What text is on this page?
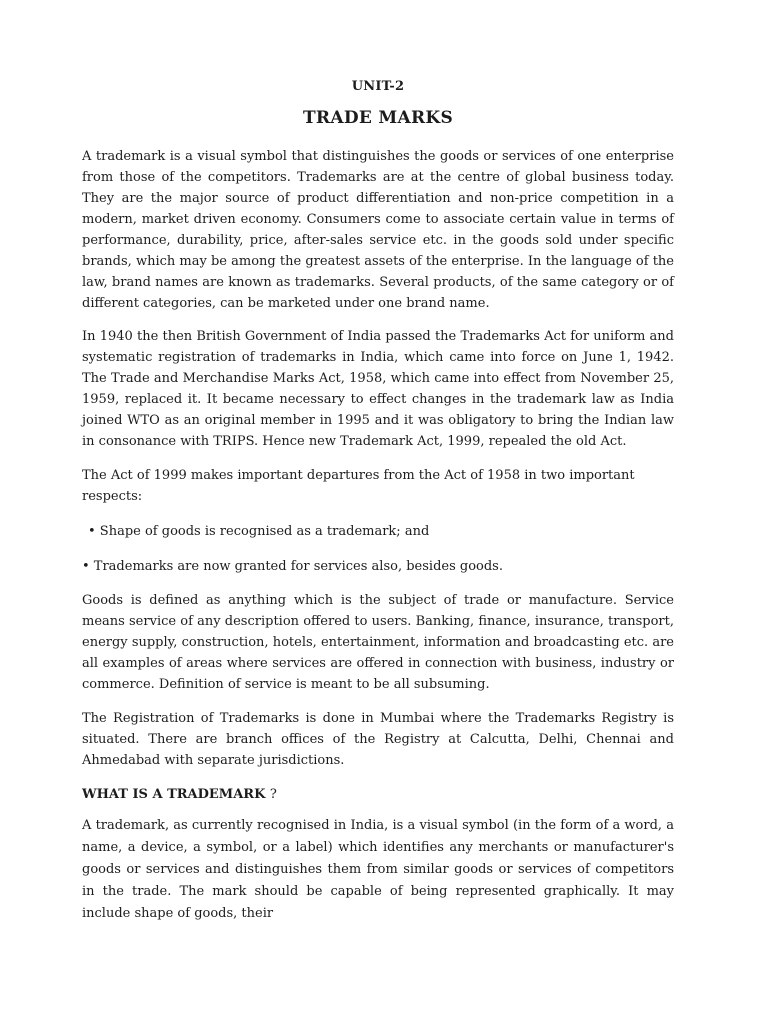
UNIT-2
TRADE MARKS

A trademark is a visual symbol that distinguishes the goods or services of one enterprise from those of the competitors. Trademarks are at the centre of global business today. They are the major source of product differentiation and non-price competition in a modern, market driven economy. Consumers come to associate certain value in terms of performance, durability, price, after-sales service etc. in the goods sold under specific brands, which may be among the greatest assets of the enterprise. In the language of the law, brand names are known as trademarks. Several products, of the same category or of different categories, can be marketed under one brand name.

In 1940 the then British Government of India passed the Trademarks Act for uniform and systematic registration of trademarks in India, which came into force on June 1, 1942. The Trade and Merchandise Marks Act, 1958, which came into effect from November 25, 1959, replaced it. It became necessary to effect changes in the trademark law as India joined WTO as an original member in 1995 and it was obligatory to bring the Indian law in consonance with TRIPS. Hence new Trademark Act, 1999, repealed the old Act.

The Act of 1999 makes important departures from the Act of 1958 in two important respects:

• Shape of goods is recognised as a trademark; and

• Trademarks are now granted for services also, besides goods.

Goods is defined as anything which is the subject of trade or manufacture. Service means service of any description offered to users. Banking, finance, insurance, transport, energy supply, construction, hotels, entertainment, information and broadcasting etc. are all examples of areas where services are offered in connection with business, industry or commerce. Definition of service is meant to be all subsuming.

The Registration of Trademarks is done in Mumbai where the Trademarks Registry is situated. There are branch offices of the Registry at Calcutta, Delhi, Chennai and Ahmedabad with separate jurisdictions.

WHAT IS A TRADEMARK ?

A trademark, as currently recognised in India, is a visual symbol (in the form of a word, a name, a device, a symbol, or a label) which identifies any merchants or manufacturer's goods or services and distinguishes them from similar goods or services of competitors in the trade. The mark should be capable of being represented graphically. It may include shape of goods, their
